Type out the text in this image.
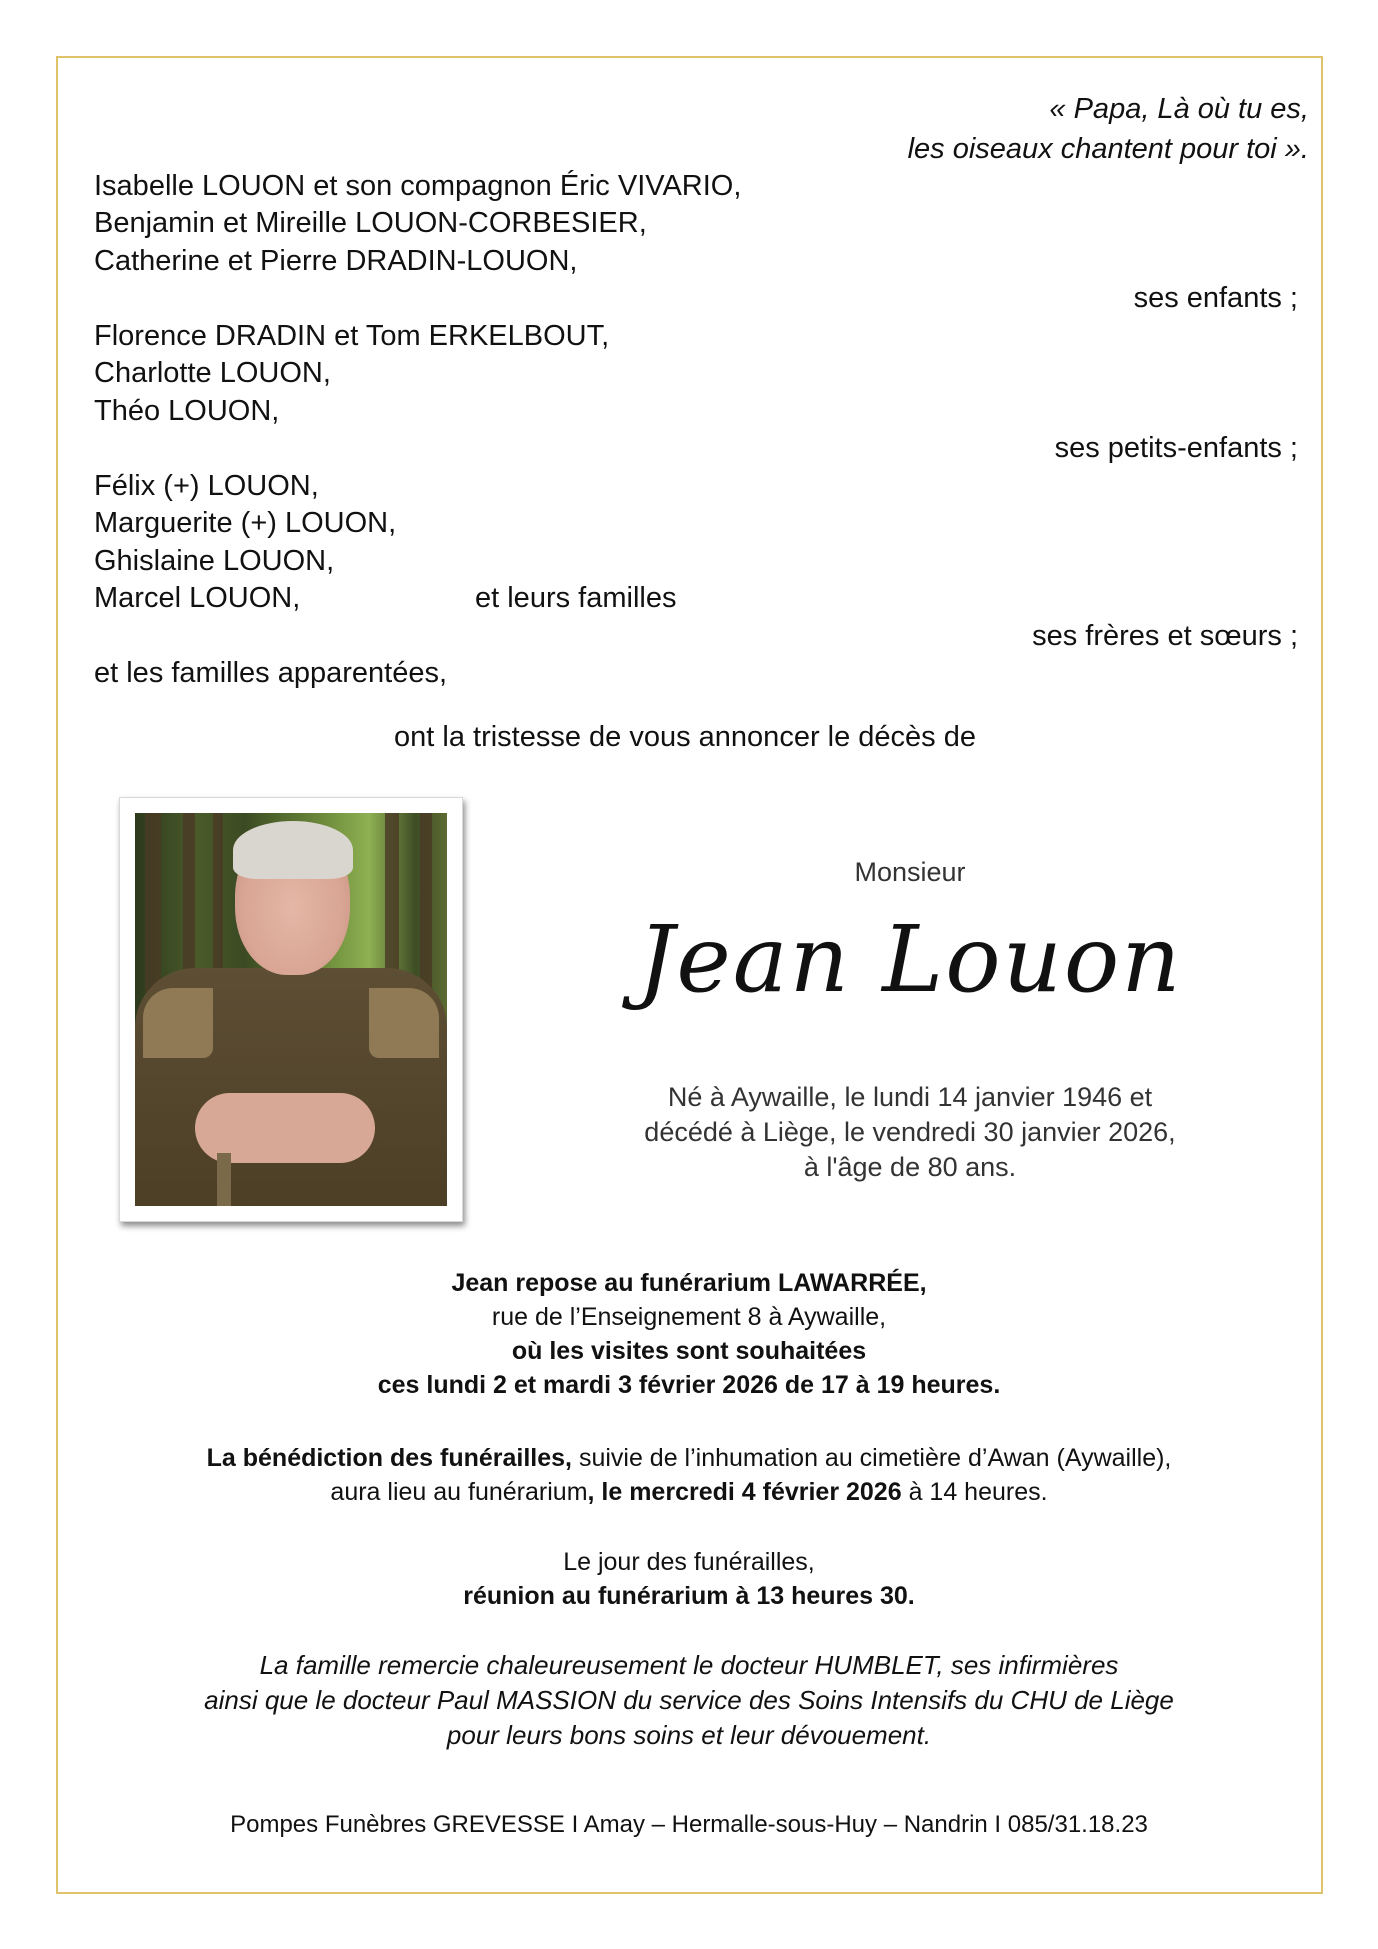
« Papa, Là où tu es,
les oiseaux chantent pour toi ».
Isabelle LOUON et son compagnon Éric VIVARIO,
Benjamin et Mireille LOUON-CORBESIER,
Catherine et Pierre DRADIN-LOUON,
ses enfants ;
Florence DRADIN et Tom ERKELBOUT,
Charlotte LOUON,
Théo LOUON,
ses petits-enfants ;
Félix (+) LOUON,
Marguerite (+) LOUON,
Ghislaine LOUON,
Marcel LOUON,	et leurs familles
ses frères et sœurs ;
et les familles apparentées,
ont la tristesse de vous annoncer le décès de
Monsieur
Jean Louon
Né à Aywaille, le lundi 14 janvier 1946 et
décédé à Liège, le vendredi 30 janvier 2026,
à l'âge de 80 ans.
Jean repose au funérarium LAWARRÉE,
rue de l’Enseignement 8 à Aywaille,
où les visites sont souhaitées
ces lundi 2 et mardi 3 février 2026 de 17 à 19 heures.
La bénédiction des funérailles, suivie de l’inhumation au cimetière d’Awan (Aywaille),
aura lieu au funérarium, le mercredi 4 février 2026 à 14 heures.
Le jour des funérailles,
réunion au funérarium à 13 heures 30.
La famille remercie chaleureusement le docteur HUMBLET, ses infirmières
ainsi que le docteur Paul MASSION du service des Soins Intensifs du CHU de Liège
pour leurs bons soins et leur dévouement.
Pompes Funèbres GREVESSE I Amay – Hermalle-sous-Huy – Nandrin I 085/31.18.23
